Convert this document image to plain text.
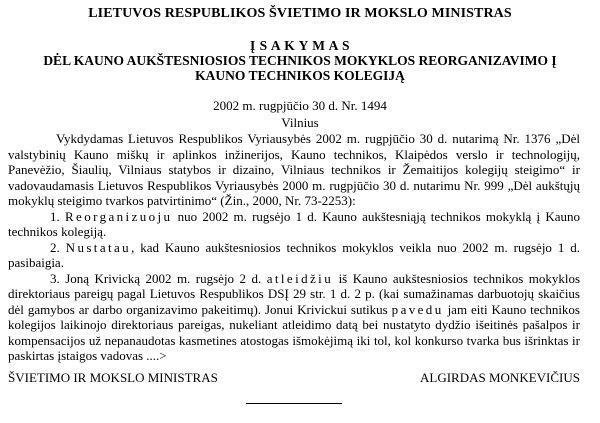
LIETUVOS RESPUBLIKOS ŠVIETIMO IR MOKSLO MINISTRAS
Į S A K Y M A S
DĖL KAUNO AUKŠTESNIOSIOS TECHNIKOS MOKYKLOS REORGANIZAVIMO Į
KAUNO TECHNIKOS KOLEGIJĄ
2002 m. rugpjūčio 30 d. Nr. 1494
Vilnius

Vykdydamas Lietuvos Respublikos Vyriausybės 2002 m. rugpjūčio 30 d. nutarimą Nr. 1376 „Dėl valstybinių Kauno miškų ir aplinkos inžinerijos, Kauno technikos, Klaipėdos verslo ir technologijų, Panevėžio, Šiaulių, Vilniaus statybos ir dizaino, Vilniaus technikos ir Žemaitijos kolegijų steigimo“ ir vadovaudamasis Lietuvos Respublikos Vyriausybės 2000 m. rugpjūčio 30 d. nutarimu Nr. 999 „Dėl aukštųjų mokyklų steigimo tvarkos patvirtinimo“ (Žin., 2000, Nr. 73-2253):

1. Reorganizuoju nuo 2002 m. rugsėjo 1 d. Kauno aukštesniąją technikos mokyklą į Kauno technikos kolegiją.

2. Nustatau, kad Kauno aukštesniosios technikos mokyklos veikla nuo 2002 m. rugsėjo 1 d. pasibaigia.

3. Joną Krivicką 2002 m. rugsėjo 2 d. atleidžiu iš Kauno aukštesniosios technikos mokyklos direktoriaus pareigų pagal Lietuvos Respublikos DSĮ 29 str. 1 d. 2 p. (kai sumažinamas darbuotojų skaičius dėl gamybos ar darbo organizavimo pakeitimų). Jonui Krivickui sutikus pavedu jam eiti Kauno technikos kolegijos laikinojo direktoriaus pareigas, nukeliant atleidimo datą bei nustatyto dydžio išeitinės pašalpos ir kompensacijos už nepanaudotas kasmetines atostogas išmokėjimą iki tol, kol konkurso tvarka bus išrinktas ir paskirtas įstaigos vadovas ....>

ŠVIETIMO IR MOKSLO MINISTRAS	ALGIRDAS MONKEVIČIUS
